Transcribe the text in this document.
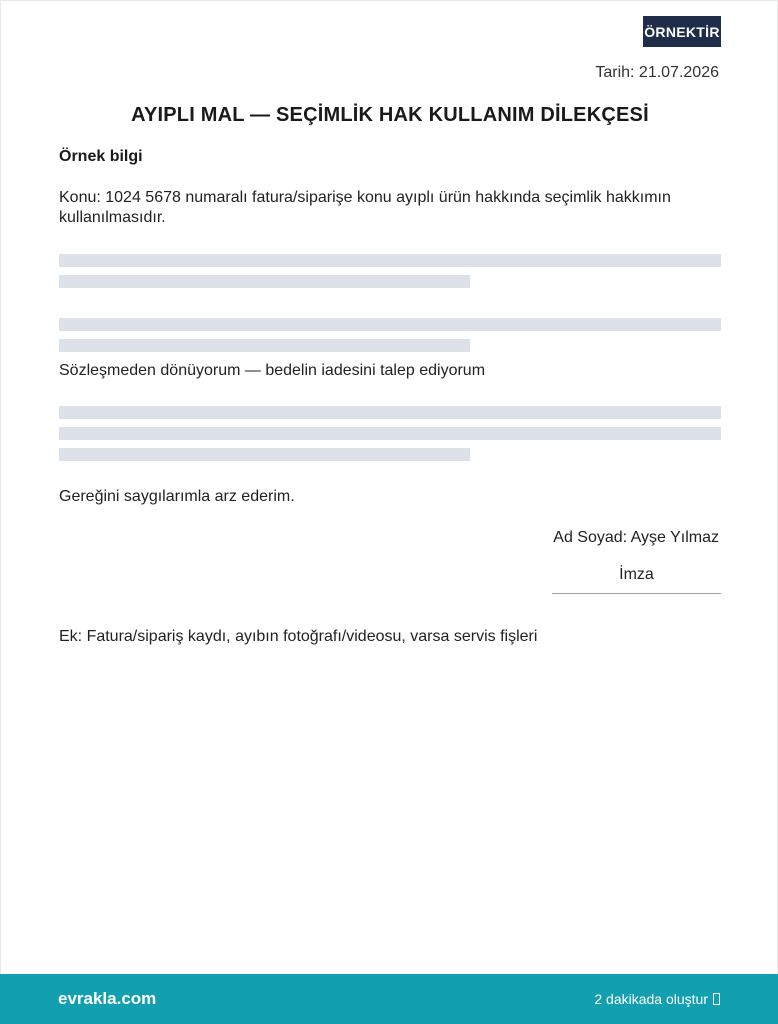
ÖRNEKTİR
Tarih: 21.07.2026
AYIPLI MAL — SEÇİMLİK HAK KULLANIM DİLEKÇESİ
Örnek bilgi
Konu: 1024 5678 numaralı fatura/siparişe konu ayıplı ürün hakkında seçimlik hakkımın kullanılmasıdır.
Sözleşmeden dönüyorum — bedelin iadesini talep ediyorum
Gereğini saygılarımla arz ederim.
Ad Soyad: Ayşe Yılmaz
İmza
Ek: Fatura/sipariş kaydı, ayıbın fotoğrafı/videosu, varsa servis fişleri
evrakla.com	2 dakikada oluştur
